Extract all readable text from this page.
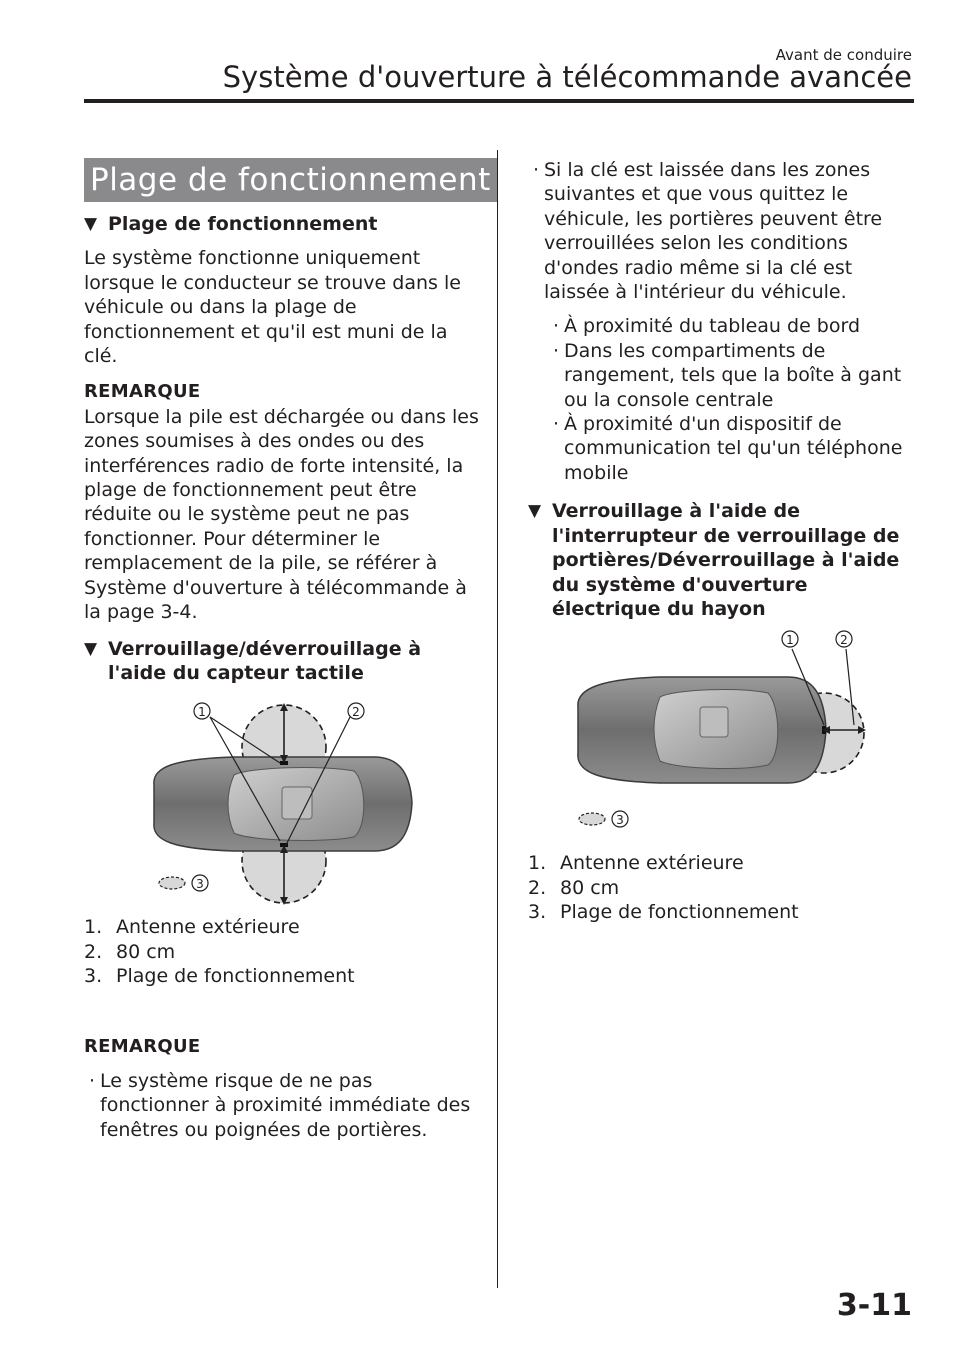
Avant de conduire
Système d'ouverture à télécommande avancée
Plage de fonctionnement
▼ Plage de fonctionnement

Le système fonctionne uniquement lorsque le conducteur se trouve dans le véhicule ou dans la plage de fonctionnement et qu'il est muni de la clé.

REMARQUE

Lorsque la pile est déchargée ou dans les zones soumises à des ondes ou des interférences radio de forte intensité, la plage de fonctionnement peut être réduite ou le système peut ne pas fonctionner. Pour déterminer le remplacement de la pile, se référer à Système d'ouverture à télécommande à la page 3-4.

▼ Verrouillage/déverrouillage à l'aide du capteur tactile
1	2
3
1. Antenne extérieure
2. 80 cm
3. Plage de fonctionnement
REMARQUE
· Le système risque de ne pas fonctionner à proximité immédiate des fenêtres ou poignées de portières.
· Si la clé est laissée dans les zones suivantes et que vous quittez le véhicule, les portières peuvent être verrouillées selon les conditions d'ondes radio même si la clé est laissée à l'intérieur du véhicule.
· À proximité du tableau de bord
· Dans les compartiments de rangement, tels que la boîte à gant ou la console centrale
· À proximité d'un dispositif de communication tel qu'un téléphone mobile
▼ Verrouillage à l'aide de l'interrupteur de verrouillage de portières/Déverrouillage à l'aide du système d'ouverture électrique du hayon
1	2
3
1. Antenne extérieure
2. 80 cm
3. Plage de fonctionnement
3-11
